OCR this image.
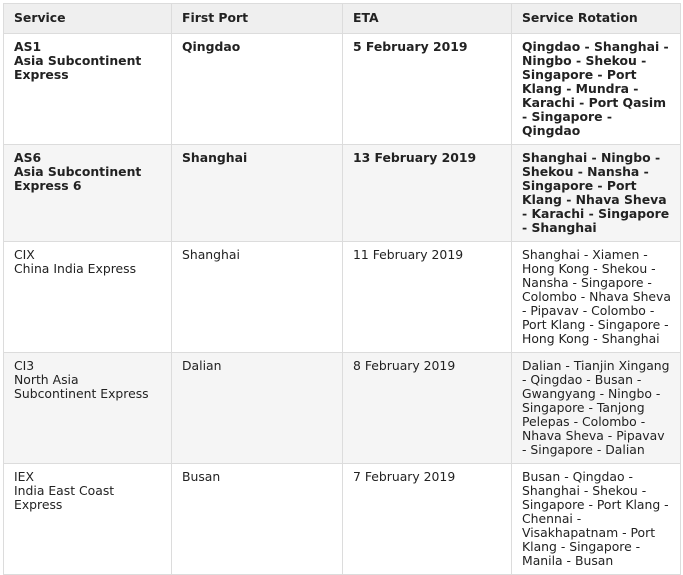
Service	First Port	ETA	Service Rotation

AS1
Asia Subcontinent Express	Qingdao	5 February 2019	Qingdao - Shanghai - Ningbo - Shekou - Singapore - Port Klang - Mundra - Karachi - Port Qasim - Singapore - Qingdao

AS6
Asia Subcontinent Express 6	Shanghai	13 February 2019	Shanghai - Ningbo - Shekou - Nansha - Singapore - Port Klang - Nhava Sheva - Karachi - Singapore - Shanghai

CIX
China India Express	Shanghai	11 February 2019	Shanghai - Xiamen - Hong Kong - Shekou - Nansha - Singapore - Colombo - Nhava Sheva - Pipavav - Colombo - Port Klang - Singapore - Hong Kong - Shanghai

CI3
North Asia Subcontinent Express	Dalian	8 February 2019	Dalian - Tianjin Xingang - Qingdao - Busan - Gwangyang - Ningbo - Singapore - Tanjong Pelepas - Colombo - Nhava Sheva - Pipavav - Singapore - Dalian

IEX
India East Coast Express	Busan	7 February 2019	Busan - Qingdao - Shanghai - Shekou - Singapore - Port Klang - Chennai - Visakhapatnam - Port Klang - Singapore - Manila - Busan
